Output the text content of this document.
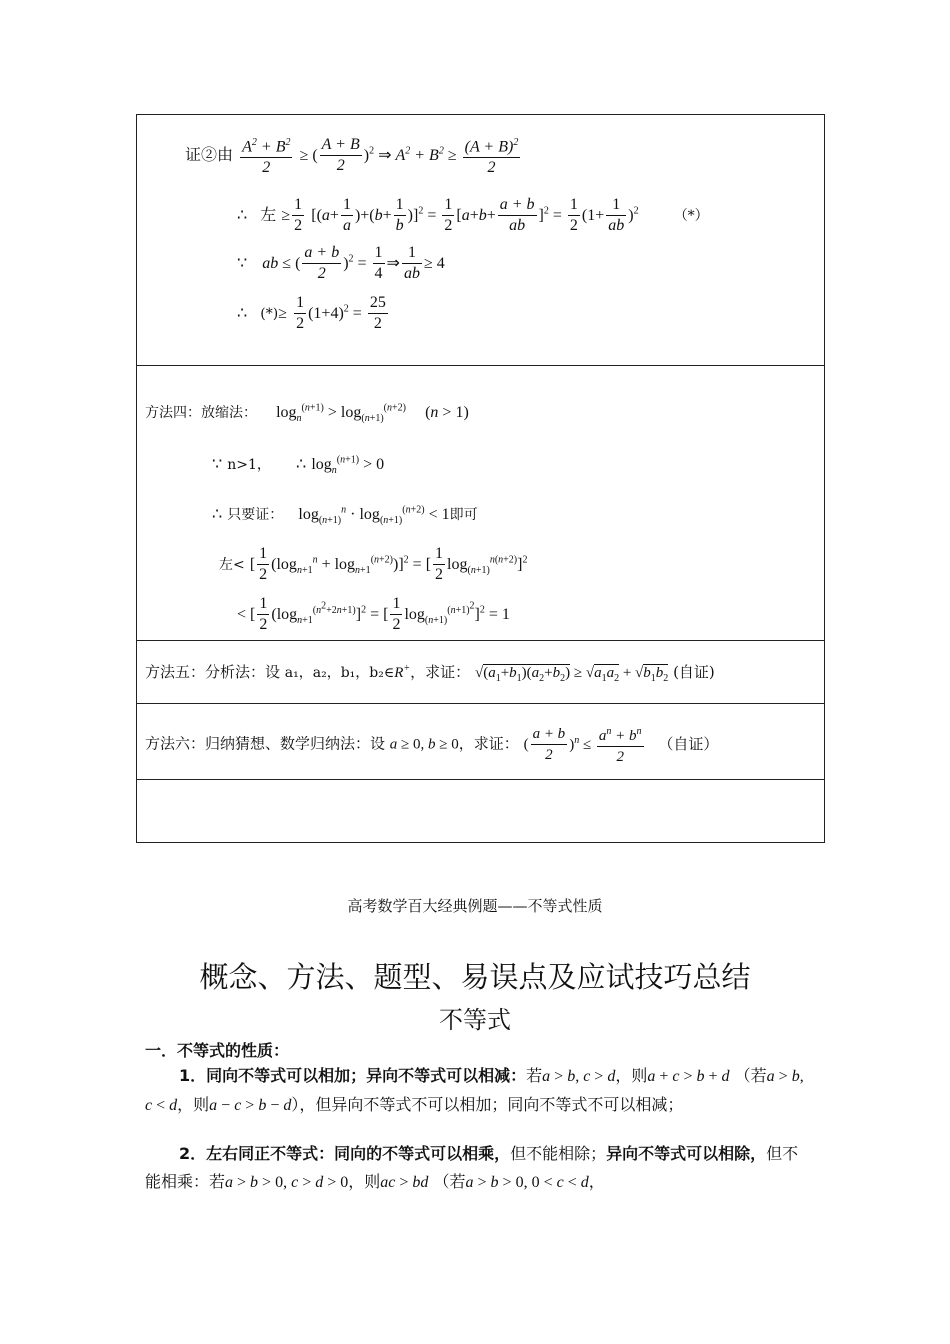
证②由 $\frac{A^2 + B^2}{2}$ ≥ ( $\frac{A + B}{2} )^2$ ⇒ $A^2 + B^2 \ge \frac{(A + B)^2}{2}$
∴ 左 ≥ $\frac{1}{2} [(a+ \frac{1}{a} )+(b+ \frac{1}{b} )]^2 = \frac{1}{2} [a+b+ \frac{a + b}{ab} ]^2 = \frac{1}{2} (1+ \frac{1}{ab} )^2$	（*）
∵ ab ≤ ( $\frac{a + b}{2} )^2 = \frac{1}{4}$ ⇒ $\frac{1}{ab} \ge 4$
∴ (*)≥ $\frac{1}{2} (1+4)^2 = \frac{25}{2}$
方法四：放缩法： $\log_n^{(n+1)} > \log_{(n+1)}^{(n+2)} (n > 1)$
∵ n>1， ∴ $\log_n^{(n+1)} > 0$
∴ 只要证： $\log_{(n+1)}^n \cdot \log_{(n+1)}^{(n+2)} < 1$即可
左< [ $\frac{1}{2} (\log_{n+1}^n + \log_{n+1}^{(n+2)})]^2$ = [ $\frac{1}{2} \log_{(n+1)}^{n(n+2)}]^2$
< [ $\frac{1}{2} (\log_{n+1}^{(n^2+2n+1)}]^2$ = [ $\frac{1}{2} \log_{(n+1)}^{(n+1)^2}]^2 = 1$
方法五：分析法：设 a₁，a₂，b₁，b₂∈R+，求证： $√(a_1+b_1)(a_2+b_2) \ge √a_1a_2 + √b_1b_2$ (自证)
方法六：归纳猜想、数学归纳法：设 a ≥ 0, b ≥ 0，求证： ( $\frac{a + b}{2} )^n \le \frac{a^n + b^n}{2}$ （自证）
高考数学百大经典例题——不等式性质
概念、方法、题型、易误点及应试技巧总结
不等式
一．不等式的性质：
1．同向不等式可以相加；异向不等式可以相减：若a > b, c > d，则a + c > b + d （若a > b, c < d，则a − c > b − d），但异向不等式不可以相加；同向不等式不可以相减；
2．左右同正不等式：同向的不等式可以相乘，但不能相除；异向不等式可以相除，但不能相乘：若a > b > 0, c > d > 0，则ac > bd （若a > b > 0, 0 < c < d，
